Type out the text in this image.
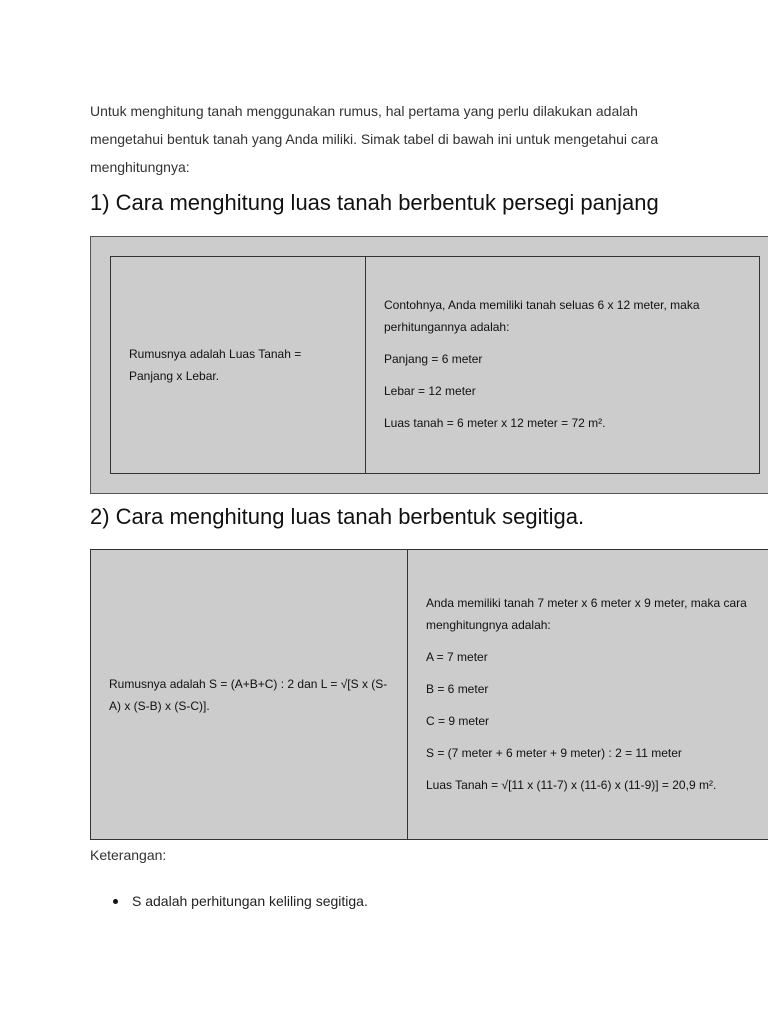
Untuk menghitung tanah menggunakan rumus, hal pertama yang perlu dilakukan adalah mengetahui bentuk tanah yang Anda miliki. Simak tabel di bawah ini untuk mengetahui cara menghitungnya:

1) Cara menghitung luas tanah berbentuk persegi panjang

Rumusnya adalah Luas Tanah = Panjang x Lebar.

Contohnya, Anda memiliki tanah seluas 6 x 12 meter, maka perhitungannya adalah:

Panjang = 6 meter

Lebar = 12 meter

Luas tanah = 6 meter x 12 meter = 72 m².

2) Cara menghitung luas tanah berbentuk segitiga.

Rumusnya adalah S = (A+B+C) : 2 dan L = √[S x (S-A) x (S-B) x (S-C)].

Anda memiliki tanah 7 meter x 6 meter x 9 meter, maka cara menghitungnya adalah:

A = 7 meter

B = 6 meter

C = 9 meter

S = (7 meter + 6 meter + 9 meter) : 2 = 11 meter

Luas Tanah = √[11 x (11-7) x (11-6) x (11-9)] = 20,9 m².

Keterangan:

S adalah perhitungan keliling segitiga.
